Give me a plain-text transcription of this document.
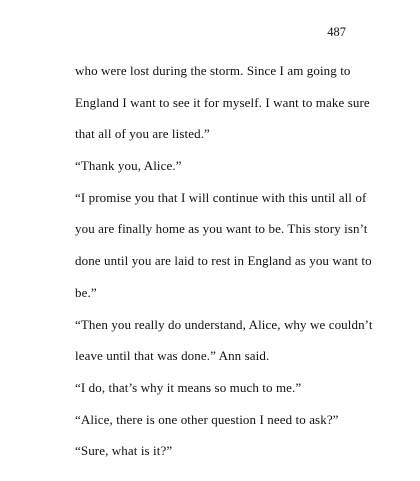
487
who were lost during the storm. Since I am going to
England I want to see it for myself. I want to make sure
that all of you are listed.”
“Thank you, Alice.”
“I promise you that I will continue with this until all of
you are finally home as you want to be. This story isn’t
done until you are laid to rest in England as you want to
be.”
“Then you really do understand, Alice, why we couldn’t
leave until that was done.” Ann said.
“I do, that’s why it means so much to me.”
“Alice, there is one other question I need to ask?”
“Sure, what is it?”
